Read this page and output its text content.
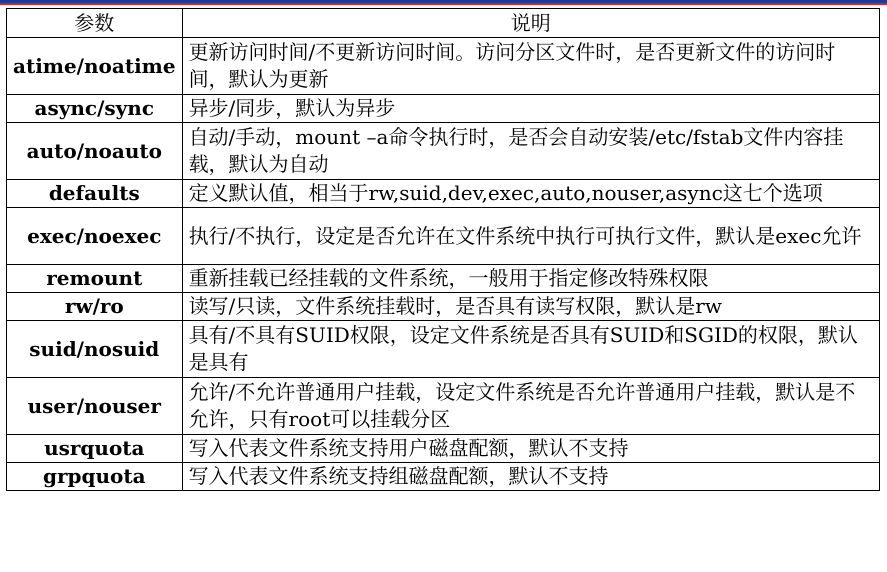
参数	说明
atime/noatime	更新访问时间/不更新访问时间。访问分区文件时，是否更新文件的访问时间，默认为更新
async/sync	异步/同步，默认为异步
auto/noauto	自动/手动，mount –a命令执行时，是否会自动安装/etc/fstab文件内容挂载，默认为自动
defaults	定义默认值，相当于rw,suid,dev,exec,auto,nouser,async这七个选项
exec/noexec	执行/不执行，设定是否允许在文件系统中执行可执行文件，默认是exec允许
remount	重新挂载已经挂载的文件系统，一般用于指定修改特殊权限
rw/ro	读写/只读，文件系统挂载时，是否具有读写权限，默认是rw
suid/nosuid	具有/不具有SUID权限，设定文件系统是否具有SUID和SGID的权限，默认是具有
user/nouser	允许/不允许普通用户挂载，设定文件系统是否允许普通用户挂载，默认是不允许，只有root可以挂载分区
usrquota	写入代表文件系统支持用户磁盘配额，默认不支持
grpquota	写入代表文件系统支持组磁盘配额，默认不支持
